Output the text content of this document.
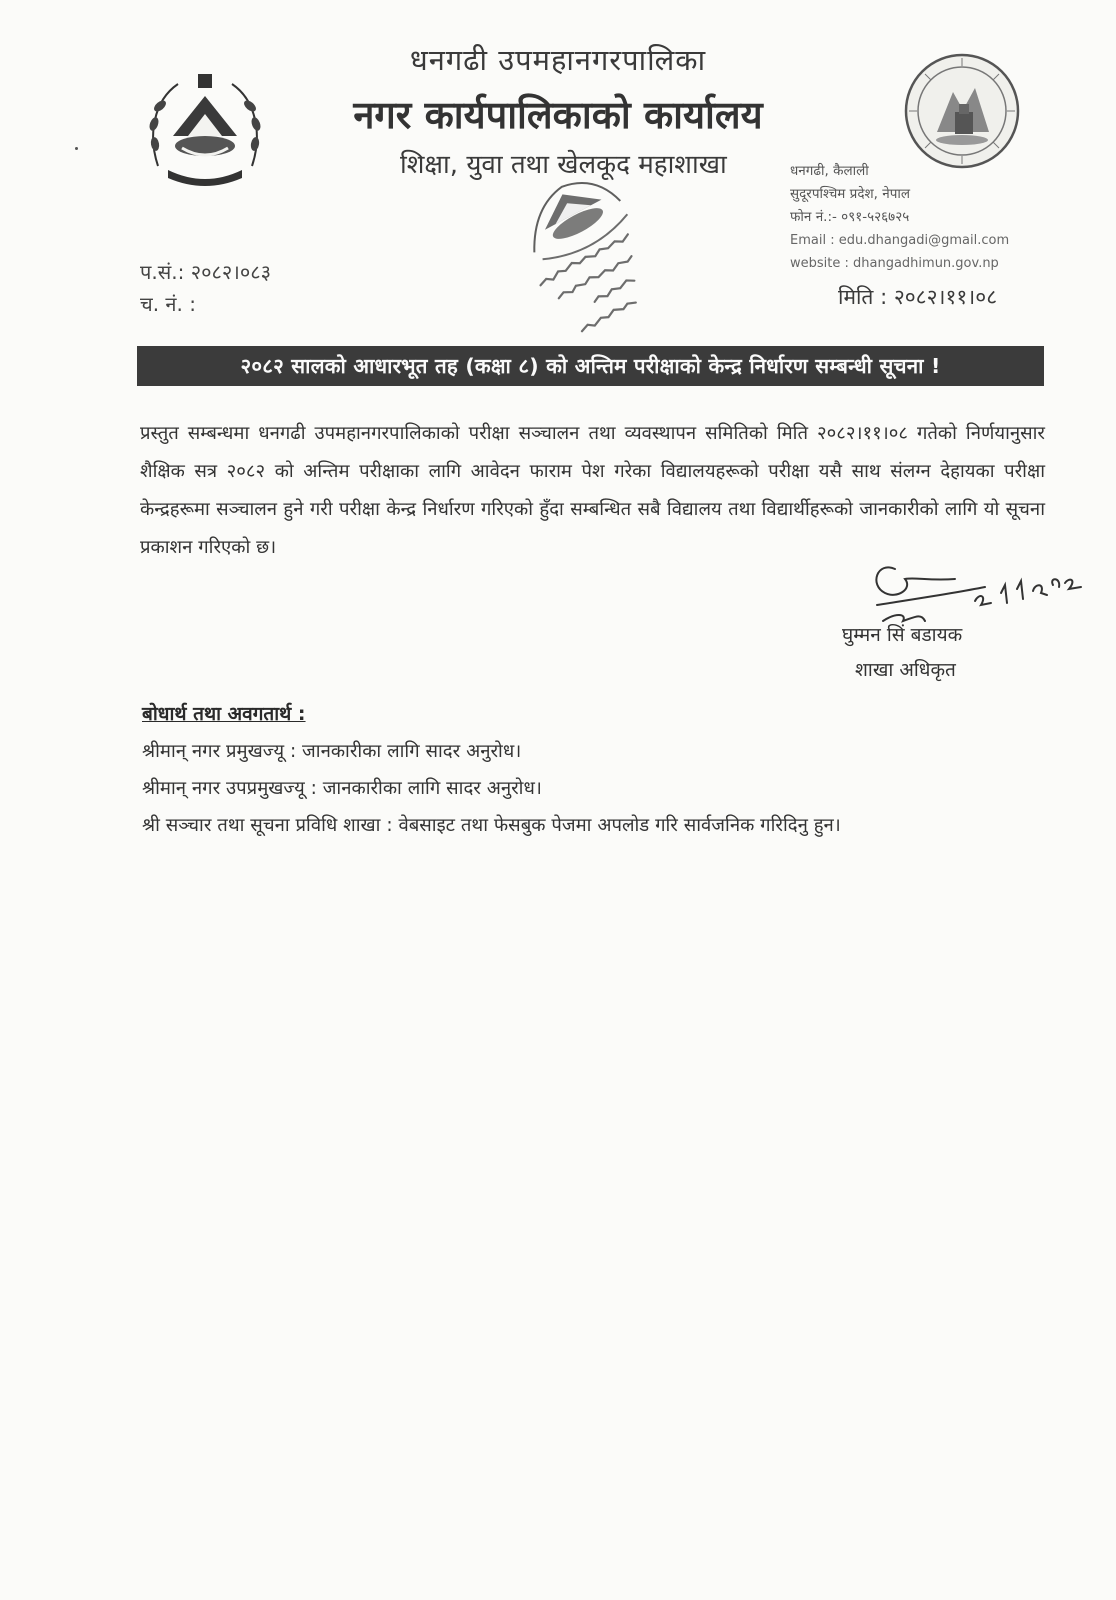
धनगढी उपमहानगरपालिका
नगर कार्यपालिकाको कार्यालय
शिक्षा, युवा तथा खेलकूद महाशाखा	धनगढी, कैलाली
सुदूरपश्चिम प्रदेश, नेपाल
फोन नं.:- ०९१-५२६७२५
Email : edu.dhangadi@gmail.com
website : dhangadhimun.gov.np
प.सं.: २०८२।०८३
च. नं. :	मिति : २०८२।११।०८
२०८२ सालको आधारभूत तह (कक्षा ८) को अन्तिम परीक्षाको केन्द्र निर्धारण सम्बन्धी सूचना !
प्रस्तुत सम्बन्धमा धनगढी उपमहानगरपालिकाको परीक्षा सञ्चालन तथा व्यवस्थापन समितिको मिति २०८२।११।०८ गतेको निर्णयानुसार शैक्षिक सत्र २०८२ को अन्तिम परीक्षाका लागि आवेदन फाराम पेश गरेका विद्यालयहरूको परीक्षा यसै साथ संलग्न देहायका परीक्षा केन्द्रहरूमा सञ्चालन हुने गरी परीक्षा केन्द्र निर्धारण गरिएको हुँदा सम्बन्धित सबै विद्यालय तथा विद्यार्थीहरूको जानकारीको लागि यो सूचना प्रकाशन गरिएको छ।
घुम्मन सिं बडायक
शाखा अधिकृत
बोधार्थ तथा अवगतार्थ :
श्रीमान् नगर प्रमुखज्यू : जानकारीका लागि सादर अनुरोध।
श्रीमान् नगर उपप्रमुखज्यू : जानकारीका लागि सादर अनुरोध।
श्री सञ्चार तथा सूचना प्रविधि शाखा : वेबसाइट तथा फेसबुक पेजमा अपलोड गरि सार्वजनिक गरिदिनु हुन।
